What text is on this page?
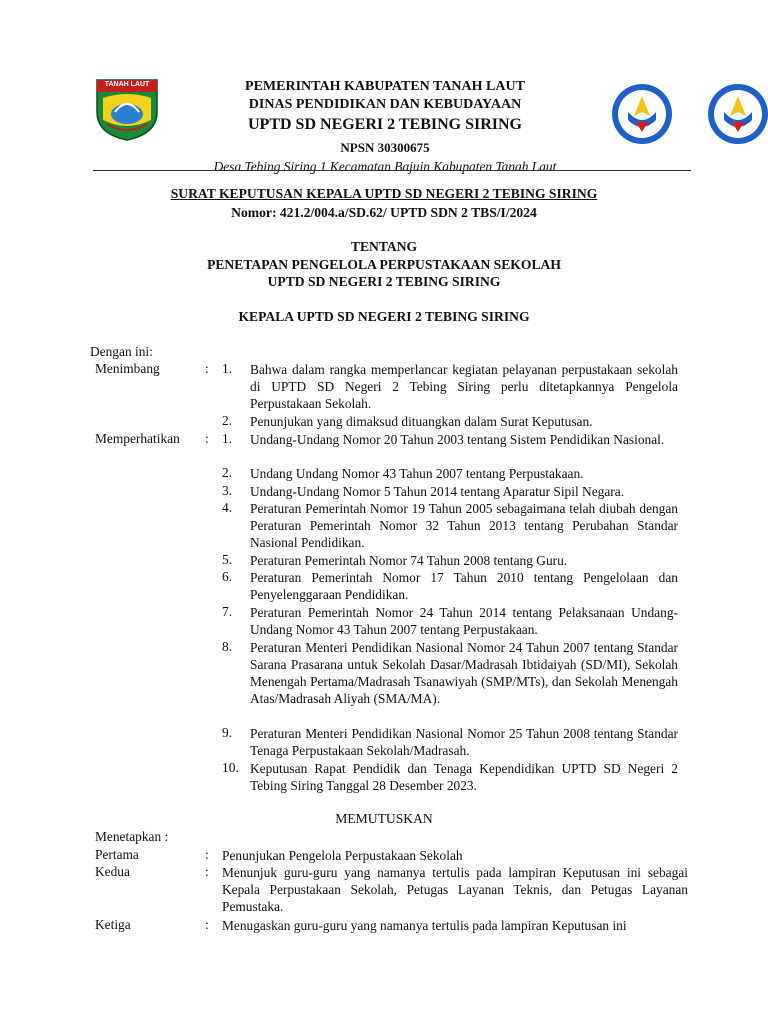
TANAH LAUT	PEMERINTAH KABUPATEN TANAH LAUT
DINAS PENDIDIKAN DAN KEBUDAYAAN
UPTD SD NEGERI 2 TEBING SIRING
NPSN 30300675
Desa Tebing Siring 1 Kecamatan Bajuin Kabupaten Tanah Laut
SURAT KEPUTUSAN KEPALA UPTD SD NEGERI 2 TEBING SIRING
Nomor: 421.2/004.a/SD.62/ UPTD SDN 2 TBS/I/2024
TENTANG
PENETAPAN PENGELOLA PERPUSTAKAAN SEKOLAH
UPTD SD NEGERI 2 TEBING SIRING
KEPALA UPTD SD NEGERI 2 TEBING SIRING
Dengan ini:
Menimbang	: 1. Bahwa dalam rangka memperlancar kegiatan pelayanan perpustakaan sekolah di UPTD SD Negeri 2 Tebing Siring perlu ditetapkannya Pengelola Perpustakaan Sekolah.
2. Penunjukan yang dimaksud dituangkan dalam Surat Keputusan.
Memperhatikan : 1. Undang-Undang Nomor 20 Tahun 2003 tentang Sistem Pendidikan Nasional.
2. Undang Undang Nomor 43 Tahun 2007 tentang Perpustakaan.
3. Undang-Undang Nomor 5 Tahun 2014 tentang Aparatur Sipil Negara.
4. Peraturan Pemerintah Nomor 19 Tahun 2005 sebagaimana telah diubah dengan Peraturan Pemerintah Nomor 32 Tahun 2013 tentang Perubahan Standar Nasional Pendidikan.
5. Peraturan Pemerintah Nomor 74 Tahun 2008 tentang Guru.
6. Peraturan Pemerintah Nomor 17 Tahun 2010 tentang Pengelolaan dan Penyelenggaraan Pendidikan.
7. Peraturan Pemerintah Nomor 24 Tahun 2014 tentang Pelaksanaan Undang-Undang Nomor 43 Tahun 2007 tentang Perpustakaan.
8. Peraturan Menteri Pendidikan Nasional Nomor 24 Tahun 2007 tentang Standar Sarana Prasarana untuk Sekolah Dasar/Madrasah Ibtidaiyah (SD/MI), Sekolah Menengah Pertama/Madrasah Tsanawiyah (SMP/MTs), dan Sekolah Menengah Atas/Madrasah Aliyah (SMA/MA).
9. Peraturan Menteri Pendidikan Nasional Nomor 25 Tahun 2008 tentang Standar Tenaga Perpustakaan Sekolah/Madrasah.
10. Keputusan Rapat Pendidik dan Tenaga Kependidikan UPTD SD Negeri 2 Tebing Siring Tanggal 28 Desember 2023.
MEMUTUSKAN
Menetapkan :
Pertama	: Penunjukan Pengelola Perpustakaan Sekolah
Kedua	: Menunjuk guru-guru yang namanya tertulis pada lampiran Keputusan ini sebagai Kepala Perpustakaan Sekolah, Petugas Layanan Teknis, dan Petugas Layanan Pemustaka.
Ketiga	: Menugaskan guru-guru yang namanya tertulis pada lampiran Keputusan ini
